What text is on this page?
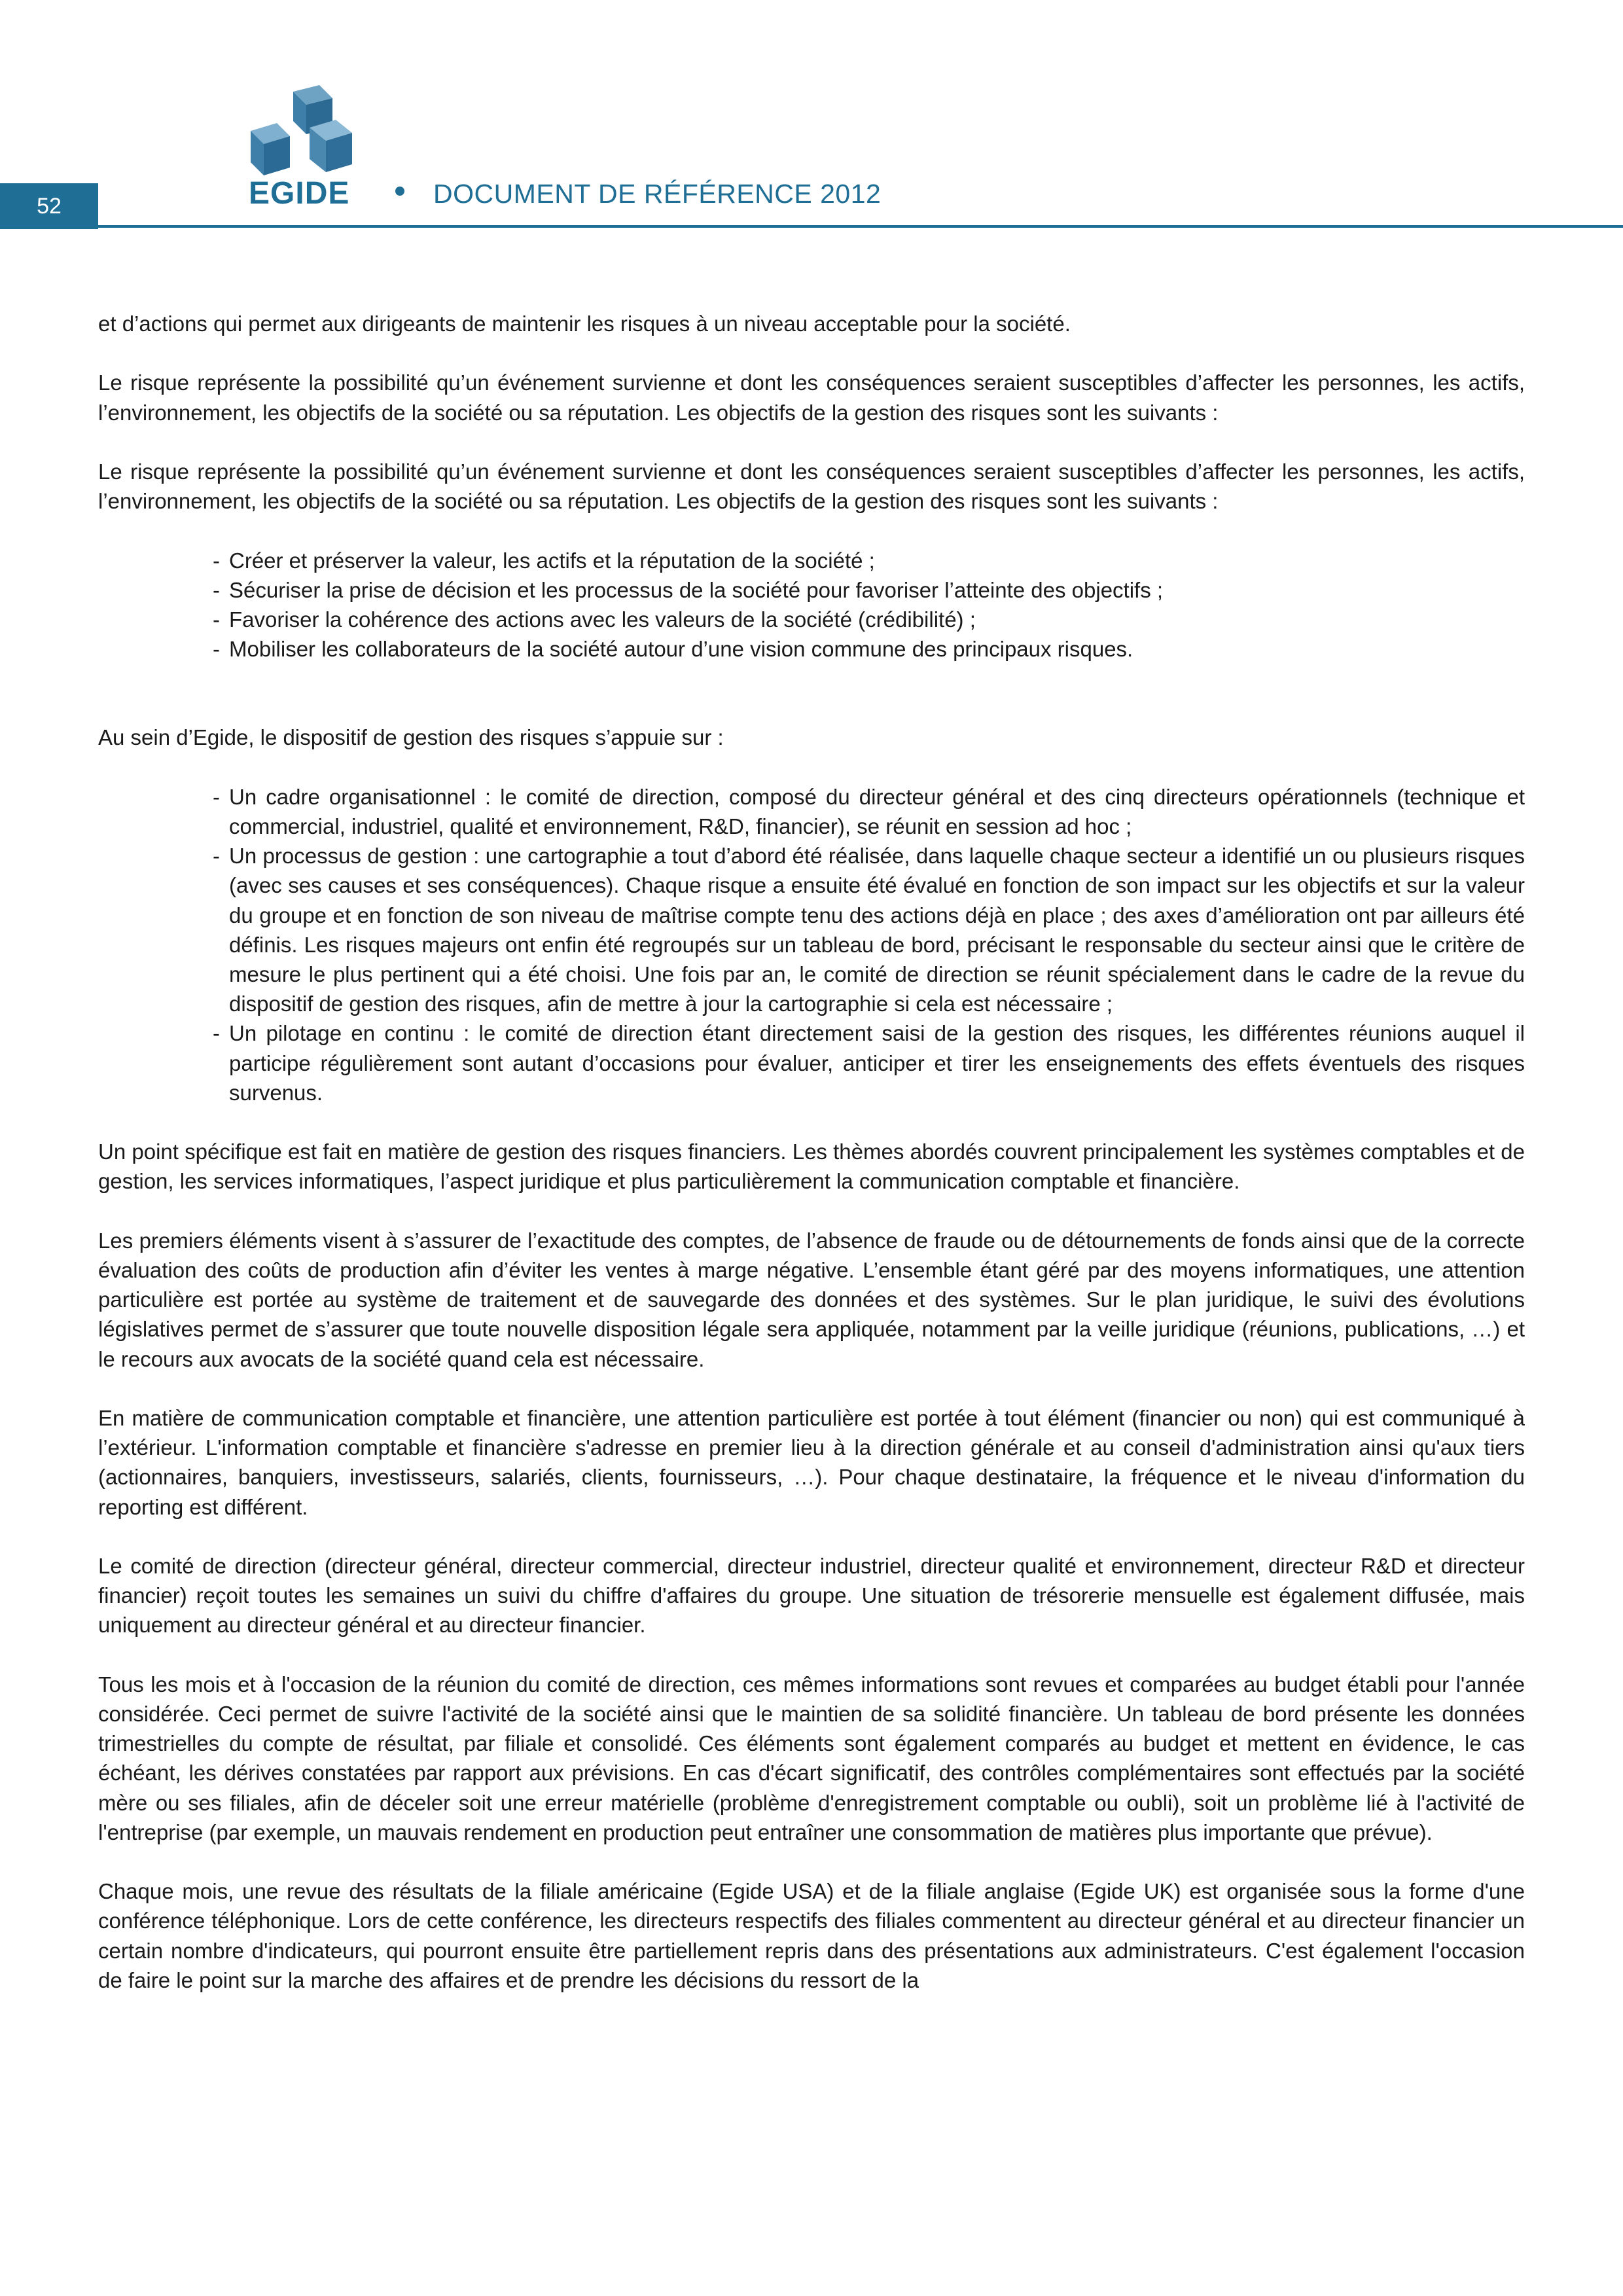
52	EGIDE	DOCUMENT DE RÉFÉRENCE 2012

et d’actions qui permet aux dirigeants de maintenir les risques à un niveau acceptable pour la société.

Le risque représente la possibilité qu’un événement survienne et dont les conséquences seraient susceptibles d’affecter les personnes, les actifs, l’environnement, les objectifs de la société ou sa réputation. Les objectifs de la gestion des risques sont les suivants :

Le risque représente la possibilité qu’un événement survienne et dont les conséquences seraient susceptibles d’affecter les personnes, les actifs, l’environnement, les objectifs de la société ou sa réputation. Les objectifs de la gestion des risques sont les suivants :

- Créer et préserver la valeur, les actifs et la réputation de la société ;
- Sécuriser la prise de décision et les processus de la société pour favoriser l’atteinte des objectifs ;
- Favoriser la cohérence des actions avec les valeurs de la société (crédibilité) ;
- Mobiliser les collaborateurs de la société autour d’une vision commune des principaux risques.

Au sein d’Egide, le dispositif de gestion des risques s’appuie sur :

- Un cadre organisationnel : le comité de direction, composé du directeur général et des cinq directeurs opérationnels (technique et commercial, industriel, qualité et environnement, R&D, financier), se réunit en session ad hoc ;
- Un processus de gestion : une cartographie a tout d’abord été réalisée, dans laquelle chaque secteur a identifié un ou plusieurs risques (avec ses causes et ses conséquences). Chaque risque a ensuite été évalué en fonction de son impact sur les objectifs et sur la valeur du groupe et en fonction de son niveau de maîtrise compte tenu des actions déjà en place ; des axes d’amélioration ont par ailleurs été définis. Les risques majeurs ont enfin été regroupés sur un tableau de bord, précisant le responsable du secteur ainsi que le critère de mesure le plus pertinent qui a été choisi. Une fois par an, le comité de direction se réunit spécialement dans le cadre de la revue du dispositif de gestion des risques, afin de mettre à jour la cartographie si cela est nécessaire ;
- Un pilotage en continu : le comité de direction étant directement saisi de la gestion des risques, les différentes réunions auquel il participe régulièrement sont autant d’occasions pour évaluer, anticiper et tirer les enseignements des effets éventuels des risques survenus.

Un point spécifique est fait en matière de gestion des risques financiers. Les thèmes abordés couvrent principalement les systèmes comptables et de gestion, les services informatiques, l’aspect juridique et plus particulièrement la communication comptable et financière.

Les premiers éléments visent à s’assurer de l’exactitude des comptes, de l’absence de fraude ou de détournements de fonds ainsi que de la correcte évaluation des coûts de production afin d’éviter les ventes à marge négative. L’ensemble étant géré par des moyens informatiques, une attention particulière est portée au système de traitement et de sauvegarde des données et des systèmes. Sur le plan juridique, le suivi des évolutions législatives permet de s’assurer que toute nouvelle disposition légale sera appliquée, notamment par la veille juridique (réunions, publications, …) et le recours aux avocats de la société quand cela est nécessaire.

En matière de communication comptable et financière, une attention particulière est portée à tout élément (financier ou non) qui est communiqué à l’extérieur. L'information comptable et financière s'adresse en premier lieu à la direction générale et au conseil d'administration ainsi qu'aux tiers (actionnaires, banquiers, investisseurs, salariés, clients, fournisseurs, …). Pour chaque destinataire, la fréquence et le niveau d'information du reporting est différent.

Le comité de direction (directeur général, directeur commercial, directeur industriel, directeur qualité et environnement, directeur R&D et directeur financier) reçoit toutes les semaines un suivi du chiffre d'affaires du groupe. Une situation de trésorerie mensuelle est également diffusée, mais uniquement au directeur général et au directeur financier.

Tous les mois et à l'occasion de la réunion du comité de direction, ces mêmes informations sont revues et comparées au budget établi pour l'année considérée. Ceci permet de suivre l'activité de la société ainsi que le maintien de sa solidité financière. Un tableau de bord présente les données trimestrielles du compte de résultat, par filiale et consolidé. Ces éléments sont également comparés au budget et mettent en évidence, le cas échéant, les dérives constatées par rapport aux prévisions. En cas d'écart significatif, des contrôles complémentaires sont effectués par la société mère ou ses filiales, afin de déceler soit une erreur matérielle (problème d'enregistrement comptable ou oubli), soit un problème lié à l'activité de l'entreprise (par exemple, un mauvais rendement en production peut entraîner une consommation de matières plus importante que prévue).

Chaque mois, une revue des résultats de la filiale américaine (Egide USA) et de la filiale anglaise (Egide UK) est organisée sous la forme d'une conférence téléphonique. Lors de cette conférence, les directeurs respectifs des filiales commentent au directeur général et au directeur financier un certain nombre d'indicateurs, qui pourront ensuite être partiellement repris dans des présentations aux administrateurs. C'est également l'occasion de faire le point sur la marche des affaires et de prendre les décisions du ressort de la
